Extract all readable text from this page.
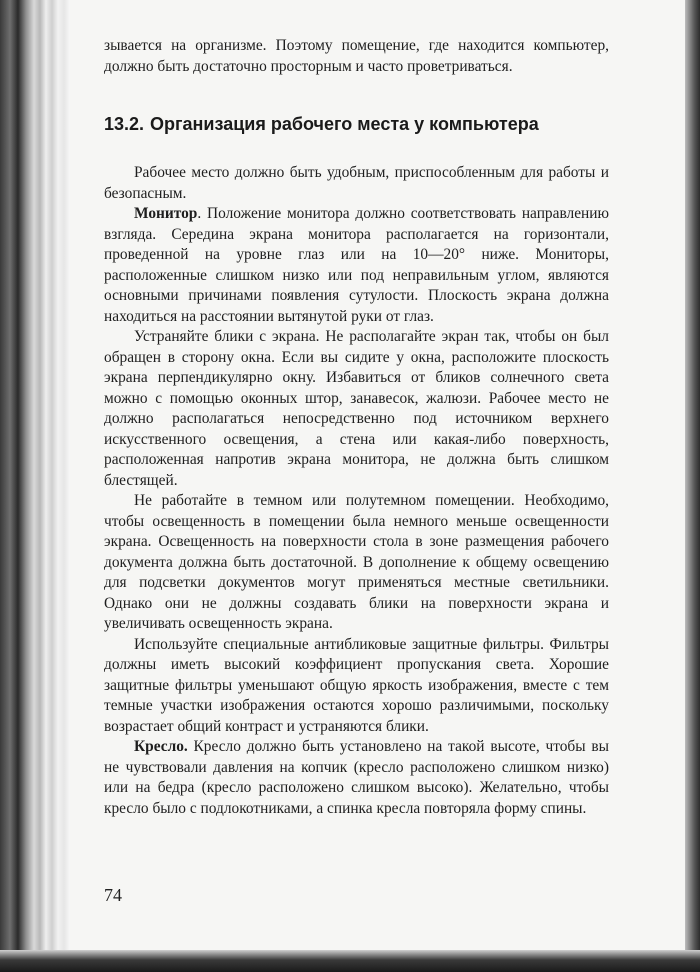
зывается на организме. Поэтому помещение, где находится компьютер, должно быть достаточно просторным и часто проветриваться.

13.2. Организация рабочего места у компьютера

Рабочее место должно быть удобным, приспособленным для работы и безопасным.

Монитор. Положение монитора должно соответствовать направлению взгляда. Середина экрана монитора располагается на горизонтали, проведенной на уровне глаз или на 10—20° ниже. Мониторы, расположенные слишком низко или под неправильным углом, являются основными причинами появления сутулости. Плоскость экрана должна находиться на расстоянии вытянутой руки от глаз.

Устраняйте блики с экрана. Не располагайте экран так, чтобы он был обращен в сторону окна. Если вы сидите у окна, расположите плоскость экрана перпендикулярно окну. Избавиться от бликов солнечного света можно с помощью оконных штор, занавесок, жалюзи. Рабочее место не должно располагаться непосредственно под источником верхнего искусственного освещения, а стена или какая-либо поверхность, расположенная напротив экрана монитора, не должна быть слишком блестящей.

Не работайте в темном или полутемном помещении. Необходимо, чтобы освещенность в помещении была немного меньше освещенности экрана. Освещенность на поверхности стола в зоне размещения рабочего документа должна быть достаточной. В дополнение к общему освещению для подсветки документов могут применяться местные светильники. Однако они не должны создавать блики на поверхности экрана и увеличивать освещенность экрана.

Используйте специальные антибликовые защитные фильтры. Фильтры должны иметь высокий коэффициент пропускания света. Хорошие защитные фильтры уменьшают общую яркость изображения, вместе с тем темные участки изображения остаются хорошо различимыми, поскольку возрастает общий контраст и устраняются блики.

Кресло. Кресло должно быть установлено на такой высоте, чтобы вы не чувствовали давления на копчик (кресло расположено слишком низко) или на бедра (кресло расположено слишком высоко). Желательно, чтобы кресло было с подлокотниками, а спинка кресла повторяла форму спины.

74
